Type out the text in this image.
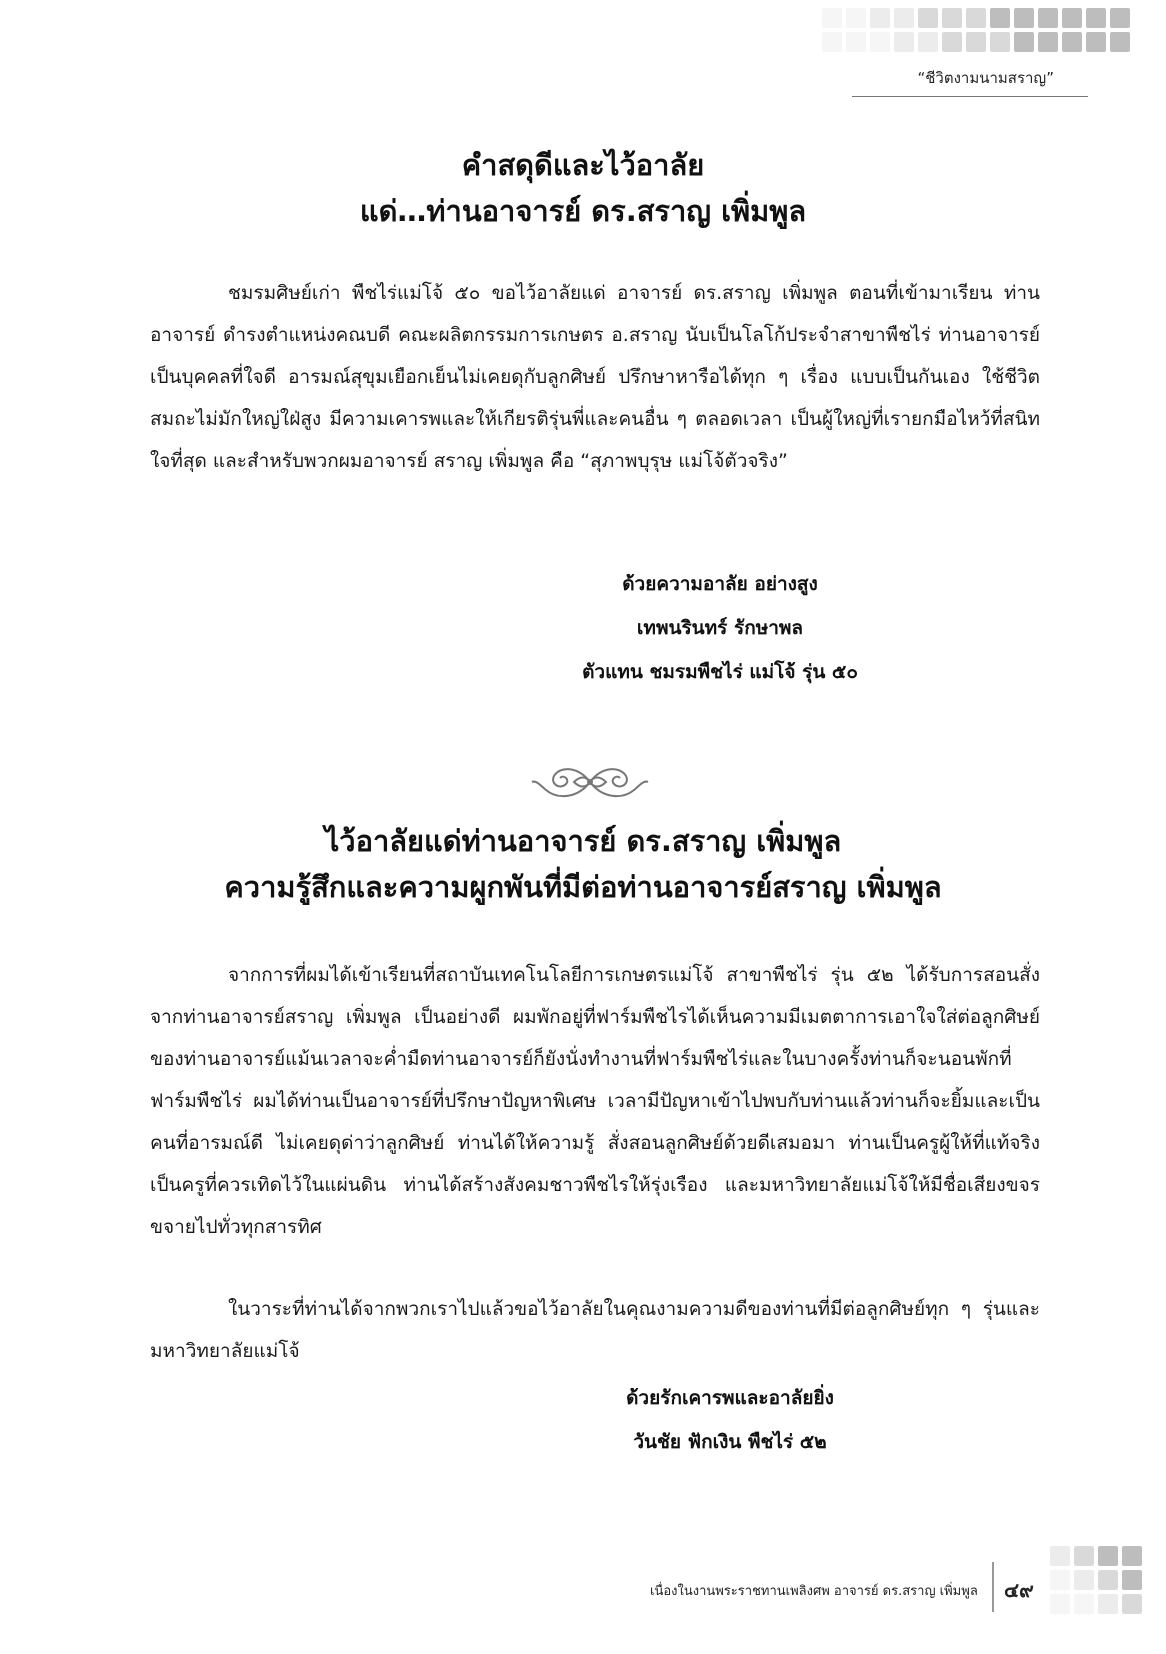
“ชีวิตงามนามสราญ”
คำสดุดีและไว้อาลัย
แด่…ท่านอาจารย์ ดร.สราญ เพิ่มพูล
ชมรมศิษย์เก่า พืชไร่แม่โจ้ ๕๐ ขอไว้อาลัยแด่ อาจารย์ ดร.สราญ เพิ่มพูล ตอนที่เข้ามาเรียน ท่านอาจารย์ ดำรงตำแหน่งคณบดี คณะผลิตกรรมการเกษตร อ.สราญ นับเป็นโลโก้ประจำสาขาพืชไร่ ท่านอาจารย์เป็นบุคคลที่ใจดี อารมณ์สุขุมเยือกเย็นไม่เคยดุกับลูกศิษย์ ปรึกษาหารือได้ทุก ๆ เรื่อง แบบเป็นกันเอง ใช้ชีวิตสมถะไม่มักใหญ่ใฝ่สูง มีความเคารพและให้เกียรติรุ่นพี่และคนอื่น ๆ ตลอดเวลา เป็นผู้ใหญ่ที่เรายกมือไหว้ที่สนิทใจที่สุด และสำหรับพวกผมอาจารย์ สราญ เพิ่มพูล คือ “สุภาพบุรุษ แม่โจ้ตัวจริง”
ด้วยความอาลัย อย่างสูง
เทพนรินทร์ รักษาพล
ตัวแทน ชมรมพืชไร่ แม่โจ้ รุ่น ๕๐
ไว้อาลัยแด่ท่านอาจารย์ ดร.สราญ เพิ่มพูล
ความรู้สึกและความผูกพันที่มีต่อท่านอาจารย์สราญ เพิ่มพูล
จากการที่ผมได้เข้าเรียนที่สถาบันเทคโนโลยีการเกษตรแม่โจ้ สาขาพืชไร่ รุ่น ๕๒ ได้รับการสอนสั่งจากท่านอาจารย์สราญ เพิ่มพูล เป็นอย่างดี ผมพักอยู่ที่ฟาร์มพืชไรได้เห็นความมีเมตตาการเอาใจใส่ต่อลูกศิษย์ของท่านอาจารย์แม้นเวลาจะค่ำมืดท่านอาจารย์ก็ยังนั่งทำงานที่ฟาร์มพืชไร่และในบางครั้งท่านก็จะนอนพักที่ฟาร์มพืชไร่ ผมได้ท่านเป็นอาจารย์ที่ปรึกษาปัญหาพิเศษ เวลามีปัญหาเข้าไปพบกับท่านแล้วท่านก็จะยิ้มและเป็นคนที่อารมณ์ดี ไม่เคยดุด่าว่าลูกศิษย์ ท่านได้ให้ความรู้ สั่งสอนลูกศิษย์ด้วยดีเสมอมา ท่านเป็นครูผู้ให้ที่แท้จริง เป็นครูที่ควรเทิดไว้ในแผ่นดิน ท่านได้สร้างสังคมชาวพืชไรให้รุ่งเรือง และมหาวิทยาลัยแม่โจ้ให้มีชื่อเสียงขจรขจายไปทั่วทุกสารทิศ
ในวาระที่ท่านได้จากพวกเราไปแล้วขอไว้อาลัยในคุณงามความดีของท่านที่มีต่อลูกศิษย์ทุก ๆ รุ่นและมหาวิทยาลัยแม่โจ้
ด้วยรักเคารพและอาลัยยิ่ง
วันชัย ฟักเงิน พืชไร่ ๕๒
เนื่องในงานพระราชทานเพลิงศพ อาจารย์ ดร.สราญ เพิ่มพูล ๔๙
